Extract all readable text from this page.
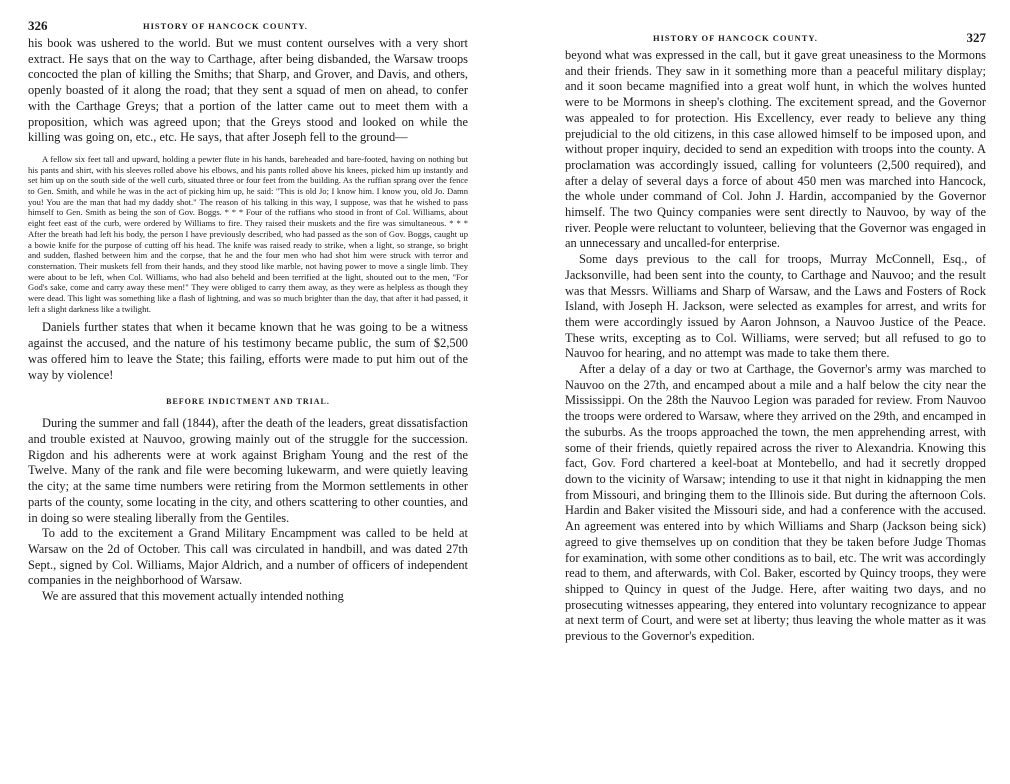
326	HISTORY OF HANCOCK COUNTY.

his book was ushered to the world. But we must content ourselves with a very short extract. He says that on the way to Carthage, after being disbanded, the Warsaw troops concocted the plan of killing the Smiths; that Sharp, and Grover, and Davis, and others, openly boasted of it along the road; that they sent a squad of men on ahead, to confer with the Carthage Greys; that a portion of the latter came out to meet them with a proposition, which was agreed upon; that the Greys stood and looked on while the killing was going on, etc., etc. He says, that after Joseph fell to the ground—

A fellow six feet tall and upward, holding a pewter flute in his hands, bareheaded and bare-footed, having on nothing but his pants and shirt, with his sleeves rolled above his elbows, and his pants rolled above his knees, picked him up instantly and set him up on the south side of the well curb, situated three or four feet from the building. As the ruffian sprang over the fence to Gen. Smith, and while he was in the act of picking him up, he said: "This is old Jo; I know him. I know you, old Jo. Damn you! You are the man that had my daddy shot." The reason of his talking in this way, I suppose, was that he wished to pass himself to Gen. Smith as being the son of Gov. Boggs. * * * Four of the ruffians who stood in front of Col. Williams, about eight feet east of the curb, were ordered by Williams to fire. They raised their muskets and the fire was simultaneous. * * * After the breath had left his body, the person I have previously described, who had passed as the son of Gov. Boggs, caught up a bowie knife for the purpose of cutting off his head. The knife was raised ready to strike, when a light, so strange, so bright and sudden, flashed between him and the corpse, that he and the four men who had shot him were struck with terror and consternation. Their muskets fell from their hands, and they stood like marble, not having power to move a single limb. They were about to be left, when Col. Williams, who had also beheld and been terrified at the light, shouted out to the men, "For God's sake, come and carry away these men!" They were obliged to carry them away, as they were as helpless as though they were dead. This light was something like a flash of lightning, and was so much brighter than the day, that after it had passed, it left a slight darkness like a twilight.

Daniels further states that when it became known that he was going to be a witness against the accused, and the nature of his testimony became public, the sum of $2,500 was offered him to leave the State; this failing, efforts were made to put him out of the way by violence!

BEFORE INDICTMENT AND TRIAL.

During the summer and fall (1844), after the death of the leaders, great dissatisfaction and trouble existed at Nauvoo, growing mainly out of the struggle for the succession. Rigdon and his adherents were at work against Brigham Young and the rest of the Twelve. Many of the rank and file were becoming lukewarm, and were quietly leaving the city; at the same time numbers were retiring from the Mormon settlements in other parts of the county, some locating in the city, and others scattering to other counties, and in doing so were stealing liberally from the Gentiles.

To add to the excitement a Grand Military Encampment was called to be held at Warsaw on the 2d of October. This call was circulated in handbill, and was dated 27th Sept., signed by Col. Williams, Major Aldrich, and a number of officers of independent companies in the neighborhood of Warsaw.

We are assured that this movement actually intended nothing

HISTORY OF HANCOCK COUNTY.	327

beyond what was expressed in the call, but it gave great uneasiness to the Mormons and their friends. They saw in it something more than a peaceful military display; and it soon became magnified into a great wolf hunt, in which the wolves hunted were to be Mormons in sheep's clothing. The excitement spread, and the Governor was appealed to for protection. His Excellency, ever ready to believe any thing prejudicial to the old citizens, in this case allowed himself to be imposed upon, and without proper inquiry, decided to send an expedition with troops into the county. A proclamation was accordingly issued, calling for volunteers (2,500 required), and after a delay of several days a force of about 450 men was marched into Hancock, the whole under command of Col. John J. Hardin, accompanied by the Governor himself. The two Quincy companies were sent directly to Nauvoo, by way of the river. People were reluctant to volunteer, believing that the Governor was engaged in an unnecessary and uncalled-for enterprise.

Some days previous to the call for troops, Murray McConnell, Esq., of Jacksonville, had been sent into the county, to Carthage and Nauvoo; and the result was that Messrs. Williams and Sharp of Warsaw, and the Laws and Fosters of Rock Island, with Joseph H. Jackson, were selected as examples for arrest, and writs for them were accordingly issued by Aaron Johnson, a Nauvoo Justice of the Peace. These writs, excepting as to Col. Williams, were served; but all refused to go to Nauvoo for hearing, and no attempt was made to take them there.

After a delay of a day or two at Carthage, the Governor's army was marched to Nauvoo on the 27th, and encamped about a mile and a half below the city near the Mississippi. On the 28th the Nauvoo Legion was paraded for review. From Nauvoo the troops were ordered to Warsaw, where they arrived on the 29th, and encamped in the suburbs. As the troops approached the town, the men apprehending arrest, with some of their friends, quietly repaired across the river to Alexandria. Knowing this fact, Gov. Ford chartered a keel-boat at Montebello, and had it secretly dropped down to the vicinity of Warsaw; intending to use it that night in kidnapping the men from Missouri, and bringing them to the Illinois side. But during the afternoon Cols. Hardin and Baker visited the Missouri side, and had a conference with the accused. An agreement was entered into by which Williams and Sharp (Jackson being sick) agreed to give themselves up on condition that they be taken before Judge Thomas for examination, with some other conditions as to bail, etc. The writ was accordingly read to them, and afterwards, with Col. Baker, escorted by Quincy troops, they were shipped to Quincy in quest of the Judge. Here, after waiting two days, and no prosecuting witnesses appearing, they entered into voluntary recognizance to appear at next term of Court, and were set at liberty; thus leaving the whole matter as it was previous to the Governor's expedition.
